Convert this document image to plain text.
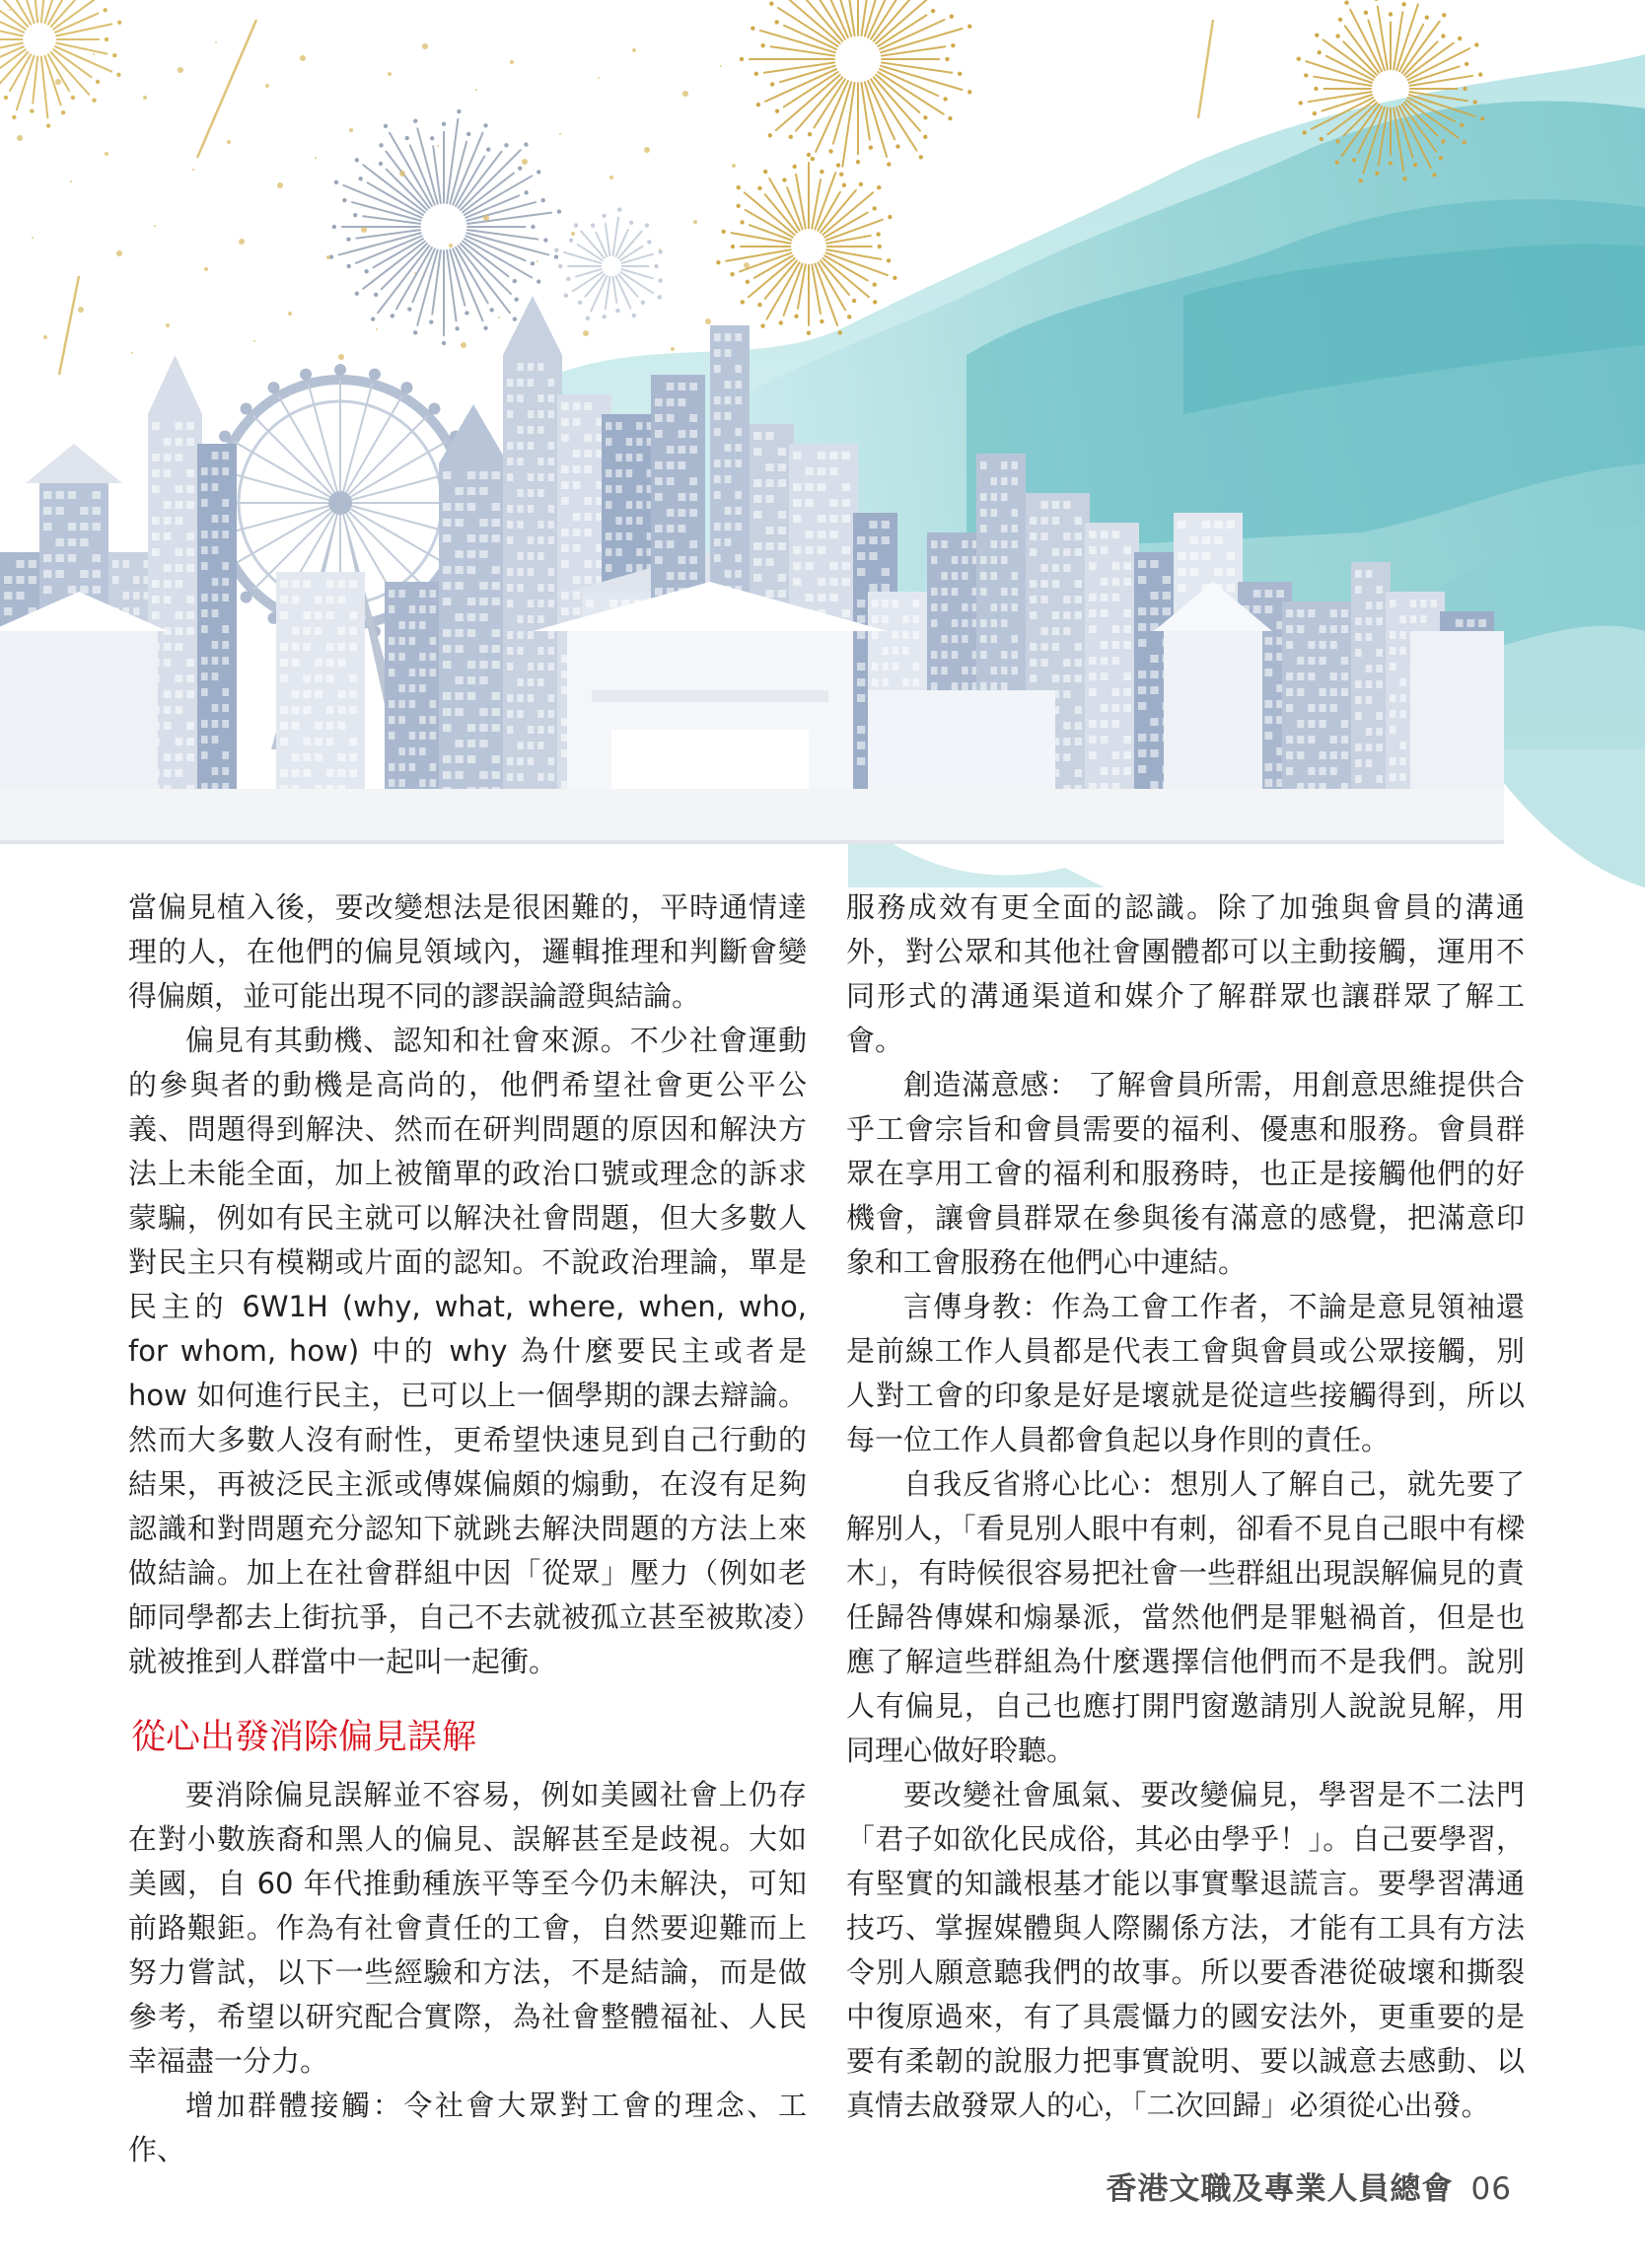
當偏見植入後，要改變想法是很困難的，平時通情達理的人，在他們的偏見領域內，邏輯推理和判斷會變得偏頗，並可能出現不同的謬誤論證與結論。

偏見有其動機、認知和社會來源。不少社會運動的參與者的動機是高尚的，他們希望社會更公平公義、問題得到解決、然而在研判問題的原因和解決方法上未能全面，加上被簡單的政治口號或理念的訴求蒙騙，例如有民主就可以解決社會問題，但大多數人對民主只有模糊或片面的認知。不說政治理論，單是民主的 6W1H (why, what, where, when, who, for whom, how) 中的 why 為什麼要民主或者是 how 如何進行民主，已可以上一個學期的課去辯論。然而大多數人沒有耐性，更希望快速見到自己行動的結果，再被泛民主派或傳媒偏頗的煽動，在沒有足夠認識和對問題充分認知下就跳去解決問題的方法上來做結論。加上在社會群組中因「從眾」壓力（例如老師同學都去上街抗爭，自己不去就被孤立甚至被欺凌）就被推到人群當中一起叫一起衝。

從心出發消除偏見誤解

要消除偏見誤解並不容易，例如美國社會上仍存在對小數族裔和黑人的偏見、誤解甚至是歧視。大如美國，自 60 年代推動種族平等至今仍未解決，可知前路艱鉅。作為有社會責任的工會，自然要迎難而上努力嘗試，以下一些經驗和方法，不是結論，而是做參考，希望以研究配合實際，為社會整體福祉、人民幸福盡一分力。

增加群體接觸：令社會大眾對工會的理念、工作、

服務成效有更全面的認識。除了加強與會員的溝通外，對公眾和其他社會團體都可以主動接觸，運用不同形式的溝通渠道和媒介了解群眾也讓群眾了解工會。

創造滿意感： 了解會員所需，用創意思維提供合乎工會宗旨和會員需要的福利、優惠和服務。會員群眾在享用工會的福利和服務時，也正是接觸他們的好機會，讓會員群眾在參與後有滿意的感覺，把滿意印象和工會服務在他們心中連結。

言傳身教：作為工會工作者，不論是意見領袖還是前線工作人員都是代表工會與會員或公眾接觸，別人對工會的印象是好是壞就是從這些接觸得到，所以每一位工作人員都會負起以身作則的責任。

自我反省將心比心：想別人了解自己，就先要了解別人，「看見別人眼中有刺，卻看不見自己眼中有樑木」，有時候很容易把社會一些群組出現誤解偏見的責任歸咎傳媒和煽暴派，當然他們是罪魁禍首，但是也應了解這些群組為什麼選擇信他們而不是我們。說別人有偏見，自己也應打開門窗邀請別人說說見解，用同理心做好聆聽。

要改變社會風氣、要改變偏見，學習是不二法門「君子如欲化民成俗，其必由學乎！」。自己要學習，有堅實的知識根基才能以事實擊退謊言。要學習溝通技巧、掌握媒體與人際關係方法，才能有工具有方法令別人願意聽我們的故事。所以要香港從破壞和撕裂中復原過來，有了具震懾力的國安法外，更重要的是要有柔韌的說服力把事實說明、要以誠意去感動、以真情去啟發眾人的心，「二次回歸」必須從心出發。

香港文職及專業人員總會 06
